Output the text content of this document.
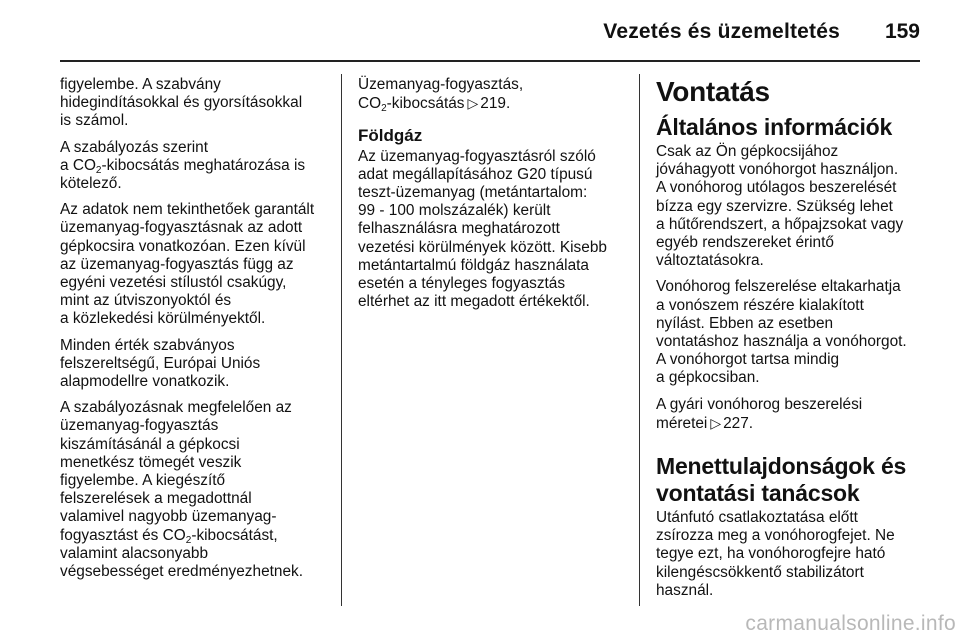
Vezetés és üzemeltetés 159

figyelembe. A szabvány
hidegindításokkal és gyorsításokkal
is számol.

A szabályozás szerint
a $CO_2$-kibocsátás meghatározása is
kötelező.

Az adatok nem tekinthetőek garantált
üzemanyag-fogyasztásnak az adott
gépkocsira vonatkozóan. Ezen kívül
az üzemanyag-fogyasztás függ az
egyéni vezetési stílustól csakúgy,
mint az útviszonyoktól és
a közlekedési körülményektől.

Minden érték szabványos
felszereltségű, Európai Uniós
alapmodellre vonatkozik.

A szabályozásnak megfelelően az
üzemanyag-fogyasztás
kiszámításánál a gépkocsi
menetkész tömegét veszik
figyelembe. A kiegészítő
felszerelések a megadottnál
valamivel nagyobb üzemanyag-
fogyasztást és $CO_2$-kibocsátást,
valamint alacsonyabb
végsebességet eredményezhetnek.

Üzemanyag-fogyasztás,
$CO_2$-kibocsátás ▷ 219.

Földgáz

Az üzemanyag-fogyasztásról szóló
adat megállapításához G20 típusú
teszt-üzemanyag (metántartalom:
99 - 100 molszázalék) került
felhasználásra meghatározott
vezetési körülmények között. Kisebb
metántartalmú földgáz használata
esetén a tényleges fogyasztás
eltérhet az itt megadott értékektől.

Vontatás
Általános információk

Csak az Ön gépkocsijához
jóváhagyott vonóhorgot használjon.
A vonóhorog utólagos beszerelését
bízza egy szervizre. Szükség lehet
a hűtőrendszert, a hőpajzsokat vagy
egyéb rendszereket érintő
változtatásokra.

Vonóhorog felszerelése eltakarhatja
a vonószem részére kialakított
nyílást. Ebben az esetben
vontatáshoz használja a vonóhorgot.
A vonóhorgot tartsa mindig
a gépkocsiban.

A gyári vonóhorog beszerelési
méretei ▷ 227.

Menettulajdonságok és
vontatási tanácsok

Utánfutó csatlakoztatása előtt
zsírozza meg a vonóhorogfejet. Ne
tegye ezt, ha vonóhorogfejre ható
kilengéscsökkentő stabilizátort
használ.

carmanualsonline.info
